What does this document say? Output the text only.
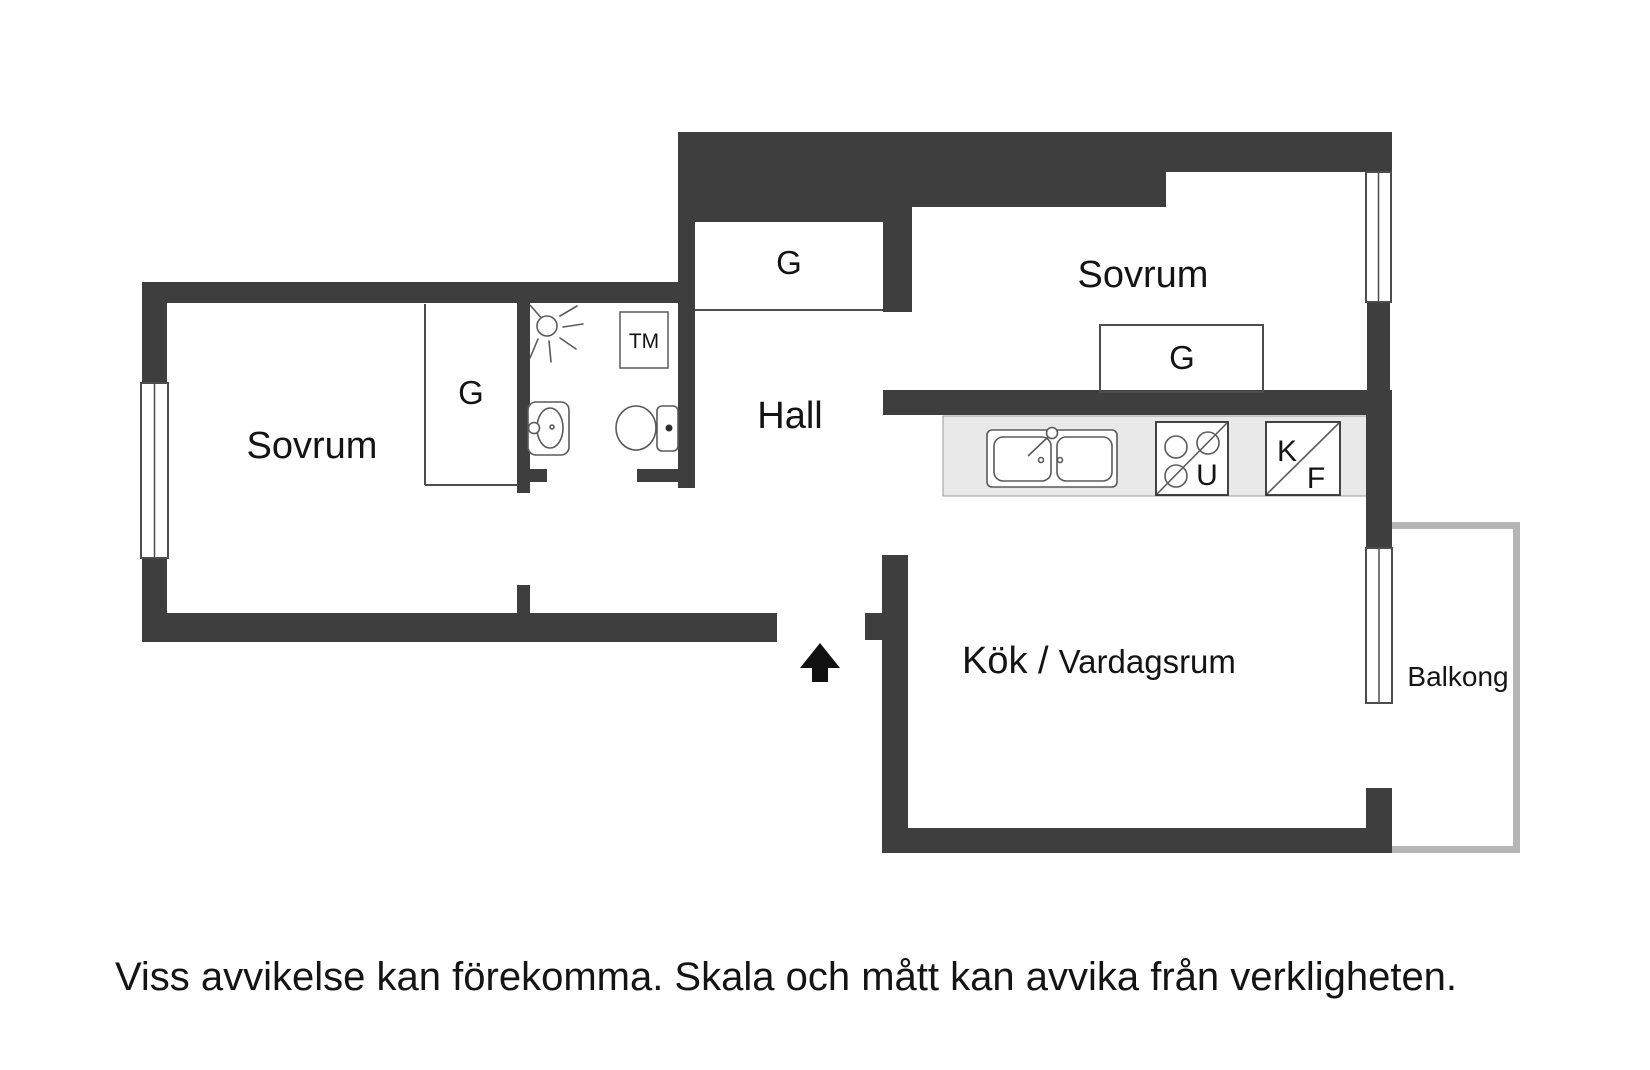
Sovrum
Sovrum
Hall
Kök / Vardagsrum	Balkong
G
G
G
TM
U
K
F
Viss avvikelse kan förekomma. Skala och mått kan avvika från verkligheten.
